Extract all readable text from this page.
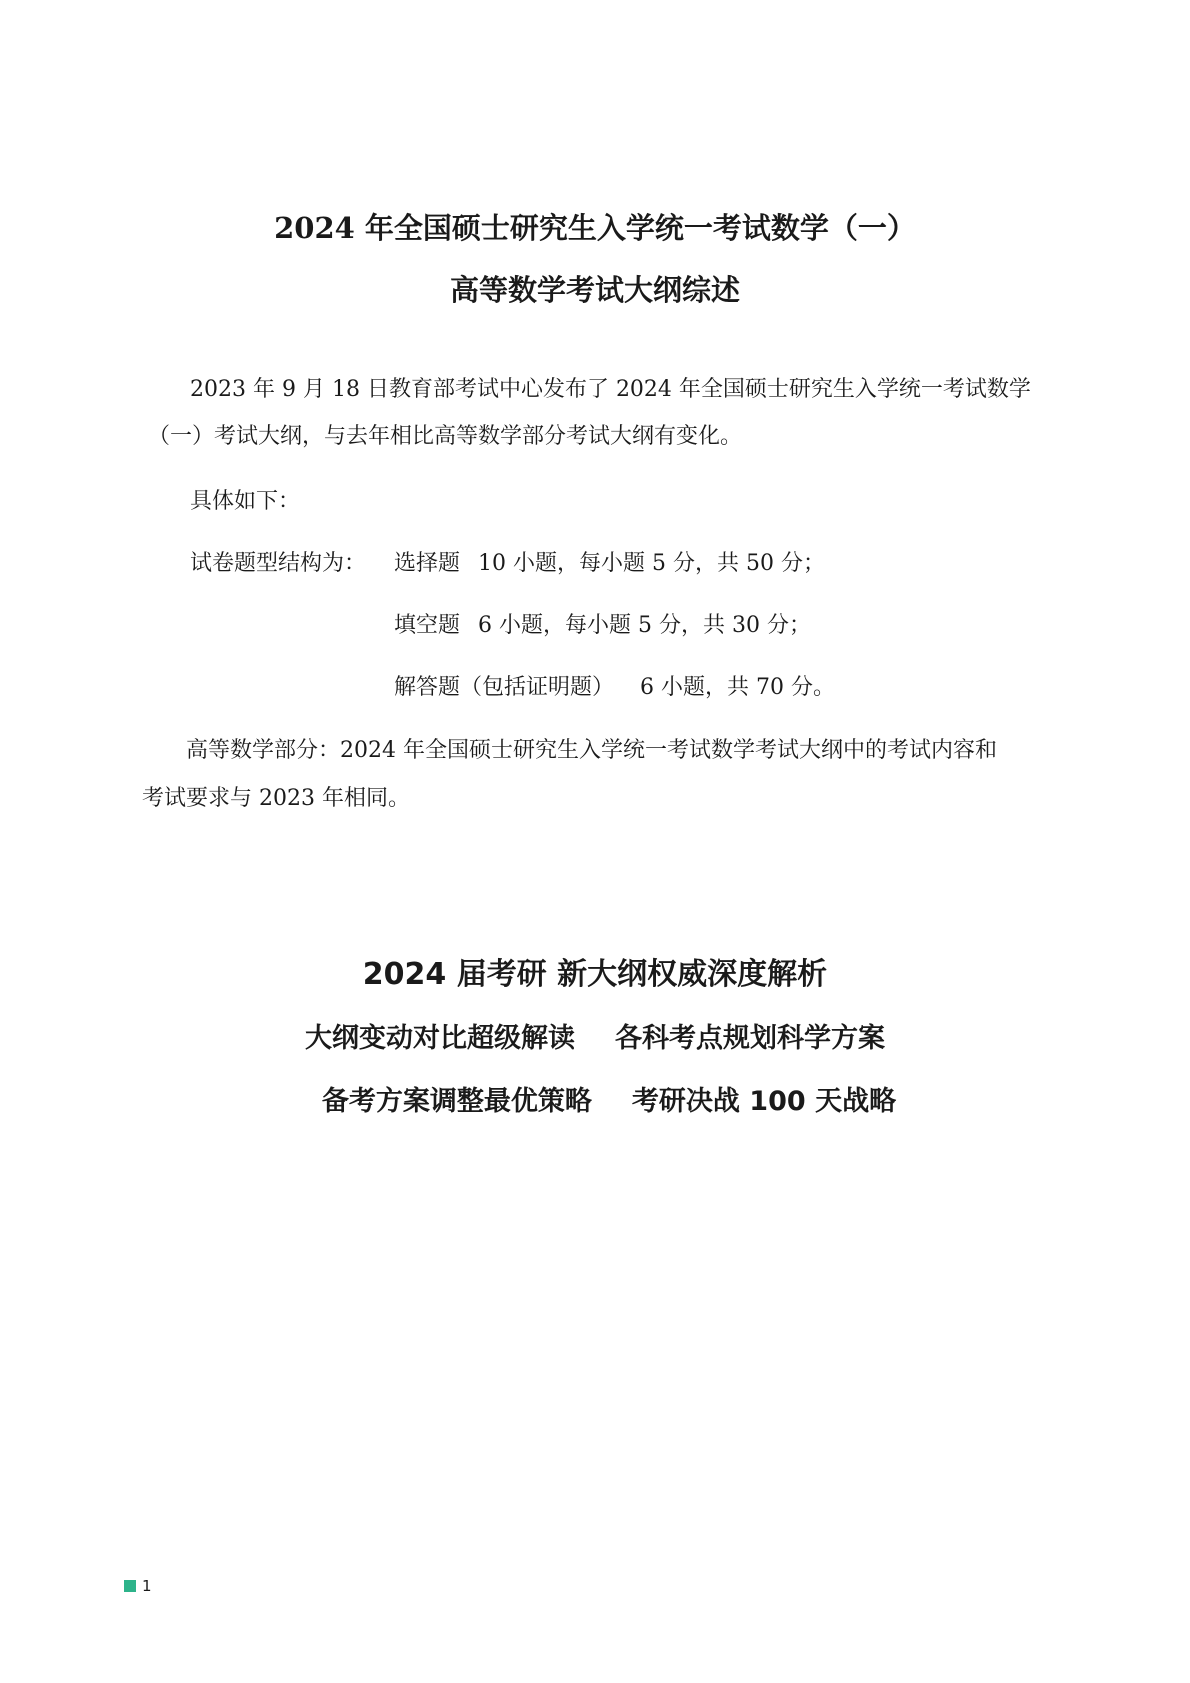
2024 年全国硕士研究生入学统一考试数学（一）
高等数学考试大纲综述
2023 年 9 月 18 日教育部考试中心发布了 2024 年全国硕士研究生入学统一考试数学
（一）考试大纲，与去年相比高等数学部分考试大纲有变化。
具体如下：
试卷题型结构为： 选择题 10 小题，每小题 5 分，共 50 分；
填空题 6 小题，每小题 5 分，共 30 分；
解答题（包括证明题） 6 小题，共 70 分。
高等数学部分：2024 年全国硕士研究生入学统一考试数学考试大纲中的考试内容和
考试要求与 2023 年相同。
2024 届考研 新大纲权威深度解析
大纲变动对比超级解读 各科考点规划科学方案
备考方案调整最优策略 考研决战 100 天战略
1
